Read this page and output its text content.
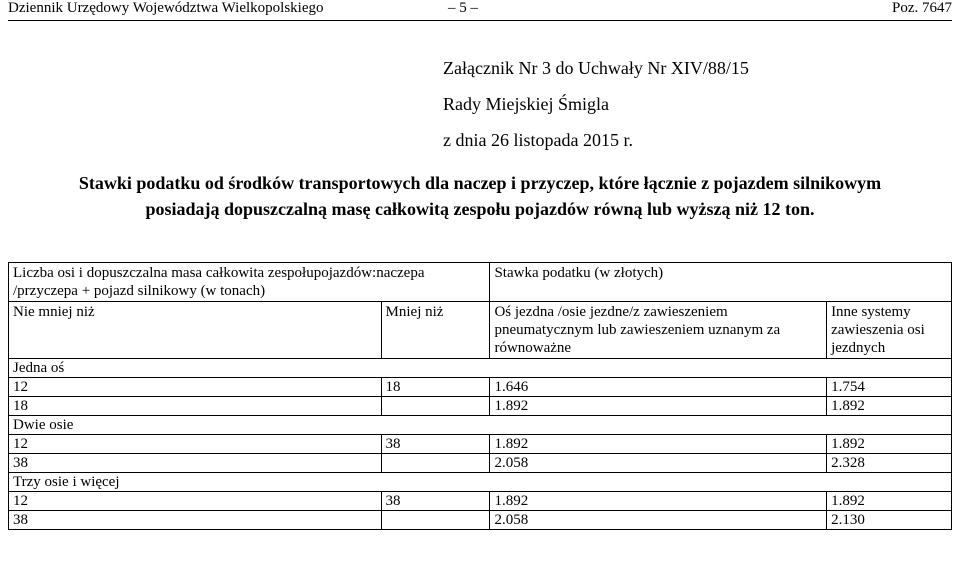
Dziennik Urzędowy Województwa Wielkopolskiego	– 5 –	Poz. 7647
Załącznik Nr 3 do Uchwały Nr XIV/88/15
Rady Miejskiej Śmigla
z dnia 26 listopada 2015 r.
Stawki podatku od środków transportowych dla naczep i przyczep, które łącznie z pojazdem silnikowym
posiadają dopuszczalną masę całkowitą zespołu pojazdów równą lub wyższą niż 12 ton.
Liczba osi i dopuszczalna masa całkowita zespołupojazdów:naczepa /przyczepa + pojazd silnikowy (w tonach)		Stawka podatku (w złotych)	
Nie mniej niż	Mniej niż	Oś jezdna /osie jezdne/z zawieszeniem pneumatycznym lub zawieszeniem uznanym za równoważne	Inne systemy zawieszenia osi jezdnych
Jedna oś			
12	18	1.646	1.754
18		1.892	1.892
Dwie osie			
12	38	1.892	1.892
38		2.058	2.328
Trzy osie i więcej			
12	38	1.892	1.892
38		2.058	2.130
